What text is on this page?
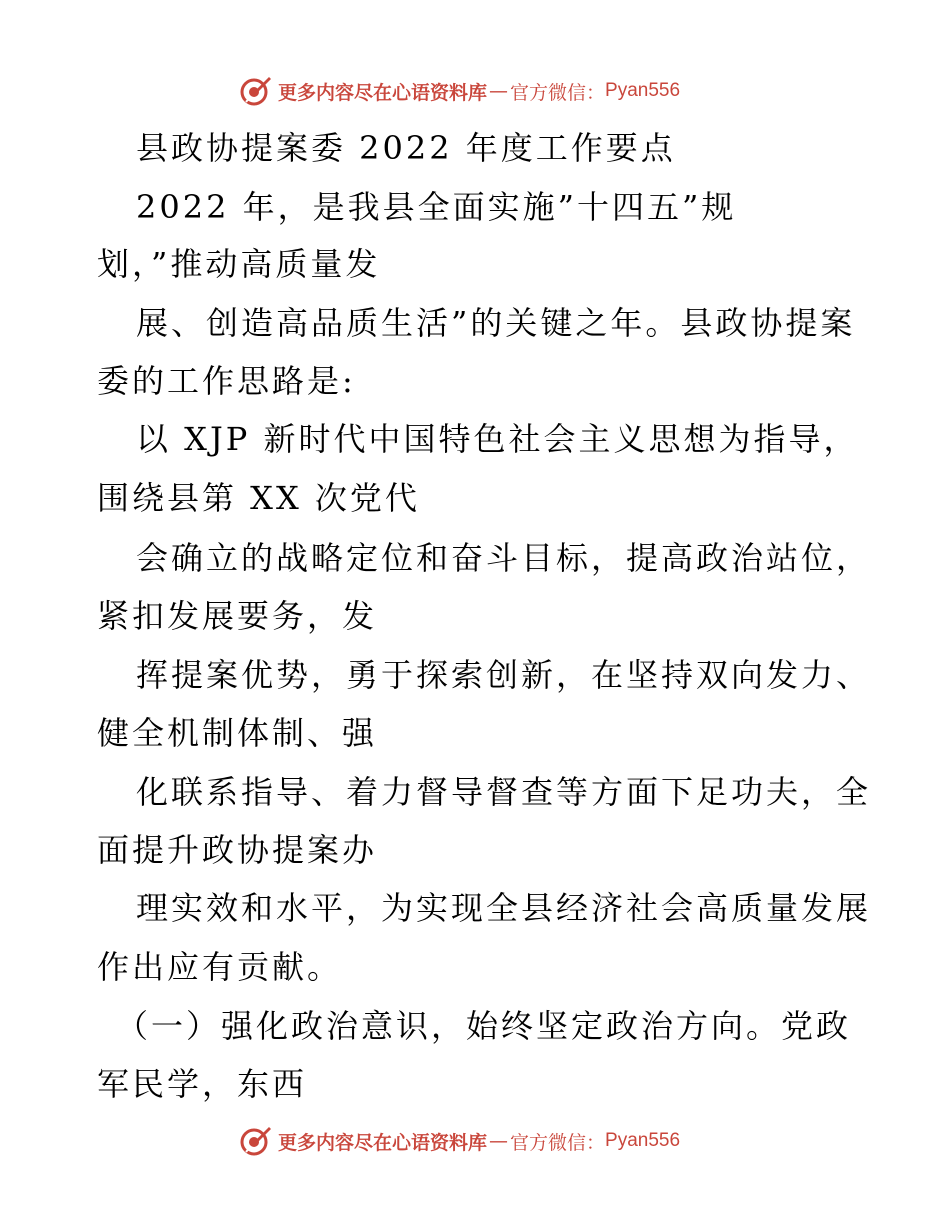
更多内容尽在心语资料库 — 官方微信： Pyan556
县政协提案委 2022 年度工作要点
2022 年，是我县全面实施”十四五”规
划，”推动高质量发
展、创造高品质生活”的关键之年。县政协提案
委的工作思路是:
以 XJP 新时代中国特色社会主义思想为指导，
围绕县第 XX 次党代
会确立的战略定位和奋斗目标，提高政治站位，
紧扣发展要务，发
挥提案优势，勇于探索创新，在坚持双向发力、
健全机制体制、强
化联系指导、着力督导督查等方面下足功夫，全
面提升政协提案办
理实效和水平，为实现全县经济社会高质量发展
作出应有贡献。
（一）强化政治意识，始终坚定政治方向。党政
军民学，东西
更多内容尽在心语资料库 — 官方微信： Pyan556
